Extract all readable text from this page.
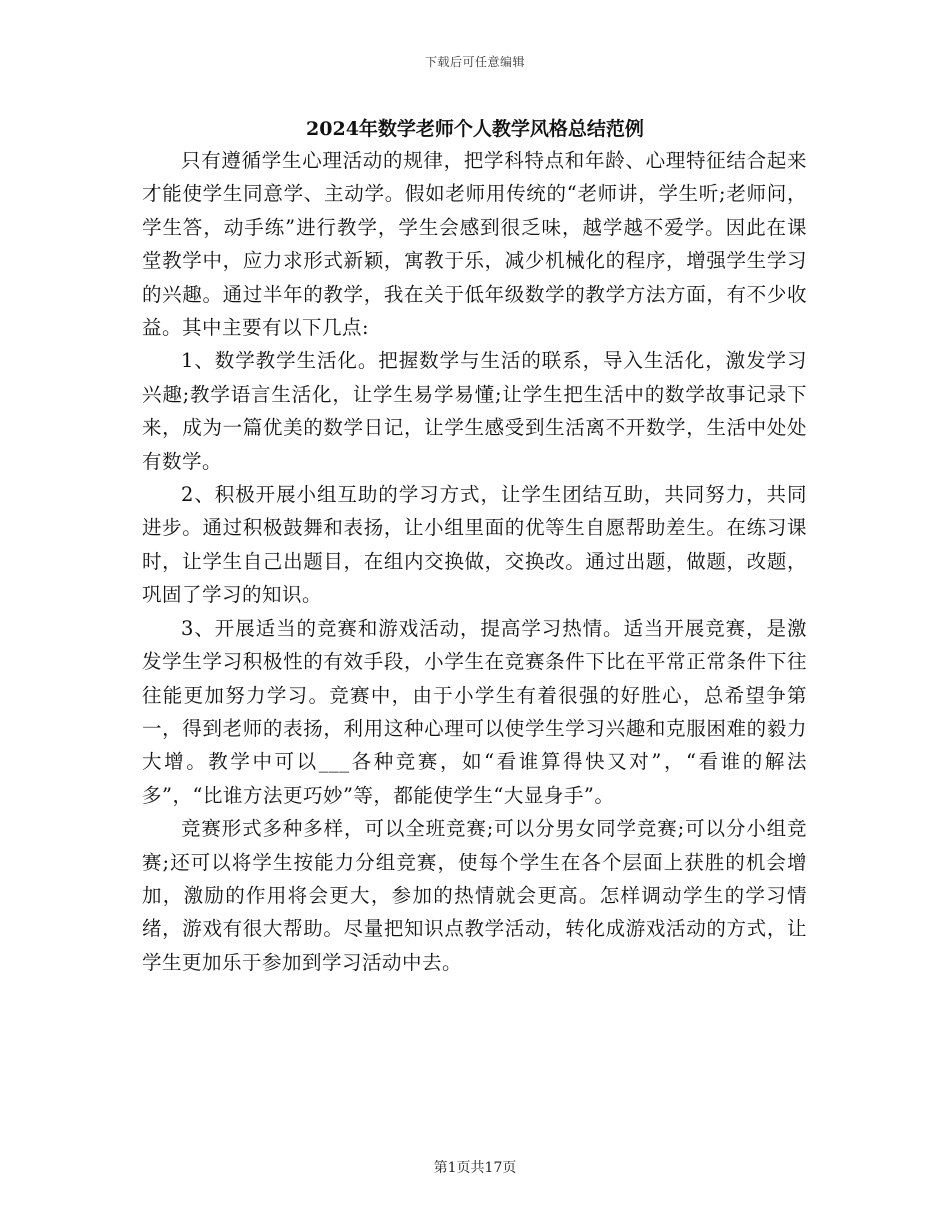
下载后可任意编辑
2024年数学老师个人教学风格总结范例

只有遵循学生心理活动的规律，把学科特点和年龄、心理特征结合起来才能使学生同意学、主动学。假如老师用传统的“老师讲，学生听;老师问，学生答，动手练”进行教学，学生会感到很乏味，越学越不爱学。因此在课堂教学中，应力求形式新颖，寓教于乐，减少机械化的程序，增强学生学习的兴趣。通过半年的教学，我在关于低年级数学的教学方法方面，有不少收益。其中主要有以下几点:

1、数学教学生活化。把握数学与生活的联系，导入生活化，激发学习兴趣;教学语言生活化，让学生易学易懂;让学生把生活中的数学故事记录下来，成为一篇优美的数学日记，让学生感受到生活离不开数学，生活中处处有数学。

2、积极开展小组互助的学习方式，让学生团结互助，共同努力，共同进步。通过积极鼓舞和表扬，让小组里面的优等生自愿帮助差生。在练习课时，让学生自己出题目，在组内交换做，交换改。通过出题，做题，改题，巩固了学习的知识。

3、开展适当的竞赛和游戏活动，提高学习热情。适当开展竞赛，是激发学生学习积极性的有效手段，小学生在竞赛条件下比在平常正常条件下往往能更加努力学习。竞赛中，由于小学生有着很强的好胜心，总希望争第一，得到老师的表扬，利用这种心理可以使学生学习兴趣和克服困难的毅力大增。教学中可以___各种竞赛，如“看谁算得快又对”，“看谁的解法多”，“比谁方法更巧妙”等，都能使学生“大显身手”。

竞赛形式多种多样，可以全班竞赛;可以分男女同学竞赛;可以分小组竞赛;还可以将学生按能力分组竞赛，使每个学生在各个层面上获胜的机会增加，激励的作用将会更大，参加的热情就会更高。怎样调动学生的学习情绪，游戏有很大帮助。尽量把知识点教学活动，转化成游戏活动的方式，让学生更加乐于参加到学习活动中去。

第1页共17页
